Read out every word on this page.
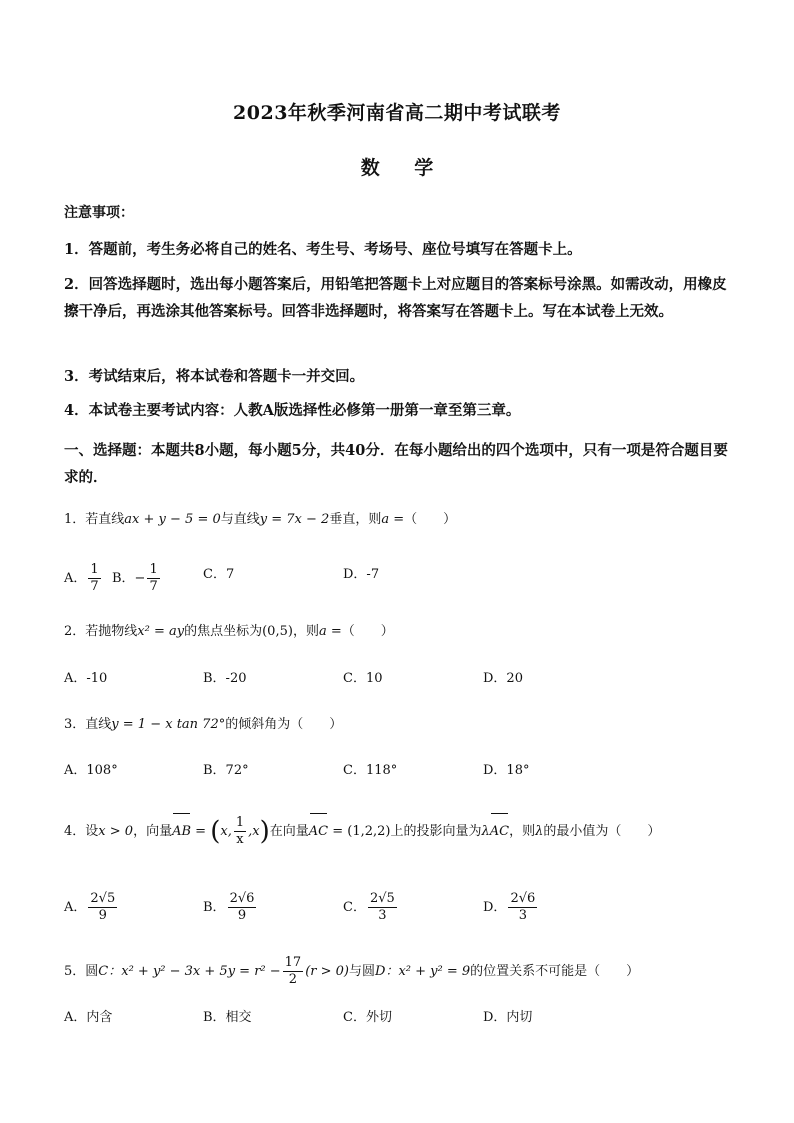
2023年秋季河南省高二期中考试联考
数 学
注意事项：
1．答题前，考生务必将自己的姓名、考生号、考场号、座位号填写在答题卡上。
2．回答选择题时，选出每小题答案后，用铅笔把答题卡上对应题目的答案标号涂黑。如需改动，用橡皮擦干净后，再选涂其他答案标号。回答非选择题时，将答案写在答题卡上。写在本试卷上无效。
3．考试结束后，将本试卷和答题卡一并交回。
4．本试卷主要考试内容：人教A版选择性必修第一册第一章至第三章。
一、选择题：本题共8小题，每小题5分，共40分．在每小题给出的四个选项中，只有一项是符合题目要求的．
1．若直线ax + y − 5 = 0与直线y = 7x − 2垂直，则a =（　　）
A． $\frac{1}{7}$ B．− $\frac{1}{7}$	C．7	D．-7
2．若抛物线x² = ay的焦点坐标为(0,5)，则a =（　　）
A．-10	B．-20	C．10	D．20
3．直线y = 1 − x tan 72°的倾斜角为（　　）
A．108°	B．72°	C．118°	D．18°
4．设x > 0，向量AB = (x, $\frac{1}{x} ,x$)在向量AC = (1,2,2)上的投影向量为λAC，则λ的最小值为（　　）
A． $\frac{2√5}{9}$	B． $\frac{2√6}{9}$	C． $\frac{2√5}{3}$	D． $\frac{2√6}{3}$
5．圆C：$x^2 + y^2 - 3x + 5y = r^2 - \frac{17}{2} (r > 0)$与圆D：x² + y² = 9的位置关系不可能是（　　）
A．内含	B．相交	C．外切	D．内切
